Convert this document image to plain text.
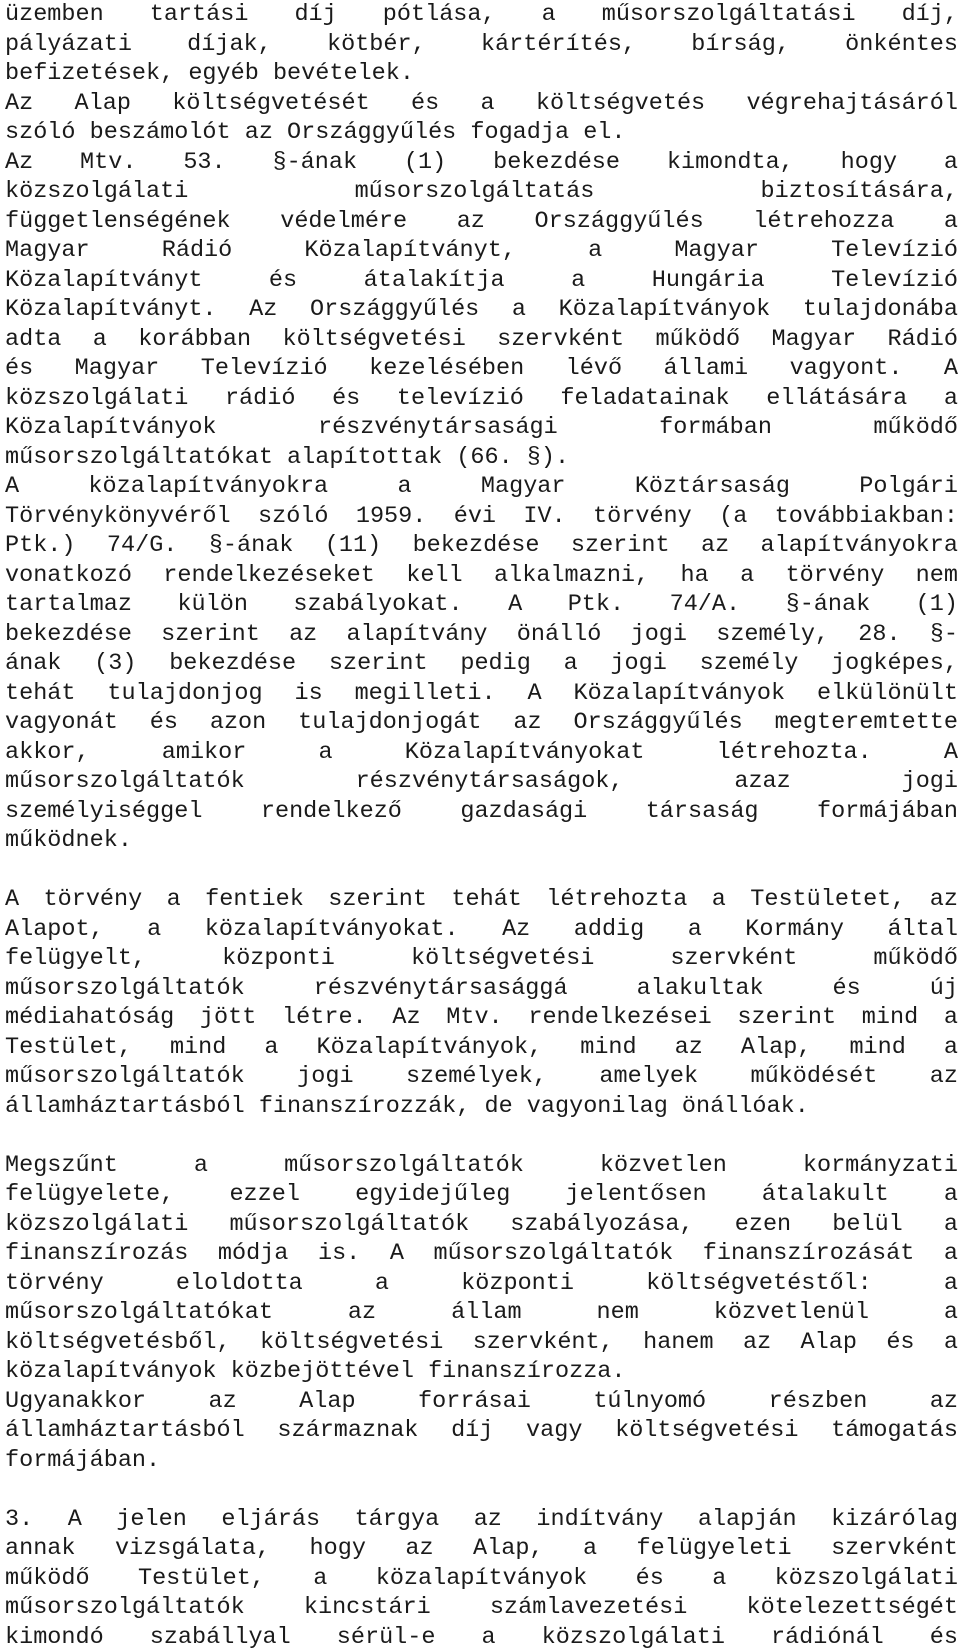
üzemben tartási díj pótlása, a műsorszolgáltatási díj,
pályázati díjak, kötbér, kártérítés, bírság, önkéntes
befizetések, egyéb bevételek.
Az Alap költségvetését és a költségvetés végrehajtásáról
szóló beszámolót az Országgyűlés fogadja el.
Az Mtv. 53. §-ának (1) bekezdése kimondta, hogy a
közszolgálati műsorszolgáltatás biztosítására,
függetlenségének védelmére az Országgyűlés létrehozza a
Magyar Rádió Közalapítványt, a Magyar Televízió
Közalapítványt és átalakítja a Hungária Televízió
Közalapítványt. Az Országgyűlés a Közalapítványok tulajdonába
adta a korábban költségvetési szervként működő Magyar Rádió
és Magyar Televízió kezelésében lévő állami vagyont. A
közszolgálati rádió és televízió feladatainak ellátására a
Közalapítványok részvénytársasági formában működő
műsorszolgáltatókat alapítottak (66. §).
A közalapítványokra a Magyar Köztársaság Polgári
Törvénykönyvéről szóló 1959. évi IV. törvény (a továbbiakban:
Ptk.) 74/G. §-ának (11) bekezdése szerint az alapítványokra
vonatkozó rendelkezéseket kell alkalmazni, ha a törvény nem
tartalmaz külön szabályokat. A Ptk. 74/A. §-ának (1)
bekezdése szerint az alapítvány önálló jogi személy, 28. §-
ának (3) bekezdése szerint pedig a jogi személy jogképes,
tehát tulajdonjog is megilleti. A Közalapítványok elkülönült
vagyonát és azon tulajdonjogát az Országgyűlés megteremtette
akkor, amikor a Közalapítványokat létrehozta. A
műsorszolgáltatók részvénytársaságok, azaz jogi
személyiséggel rendelkező gazdasági társaság formájában
működnek.
A törvény a fentiek szerint tehát létrehozta a Testületet, az
Alapot, a közalapítványokat. Az addig a Kormány által
felügyelt, központi költségvetési szervként működő
műsorszolgáltatók részvénytársasággá alakultak és új
médiahatóság jött létre. Az Mtv. rendelkezései szerint mind a
Testület, mind a Közalapítványok, mind az Alap, mind a
műsorszolgáltatók jogi személyek, amelyek működését az
államháztartásból finanszírozzák, de vagyonilag önállóak.
Megszűnt a műsorszolgáltatók közvetlen kormányzati
felügyelete, ezzel egyidejűleg jelentősen átalakult a
közszolgálati műsorszolgáltatók szabályozása, ezen belül a
finanszírozás módja is. A műsorszolgáltatók finanszírozását a
törvény eloldotta a központi költségvetéstől: a
műsorszolgáltatókat az állam nem közvetlenül a
költségvetésből, költségvetési szervként, hanem az Alap és a
közalapítványok közbejöttével finanszírozza.
Ugyanakkor az Alap forrásai túlnyomó részben az
államháztartásból származnak díj vagy költségvetési támogatás
formájában.
3. A jelen eljárás tárgya az indítvány alapján kizárólag
annak vizsgálata, hogy az Alap, a felügyeleti szervként
működő Testület, a közalapítványok és a közszolgálati
műsorszolgáltatók kincstári számlavezetési kötelezettségét
kimondó szabállyal sérül-e a közszolgálati rádiónál és
